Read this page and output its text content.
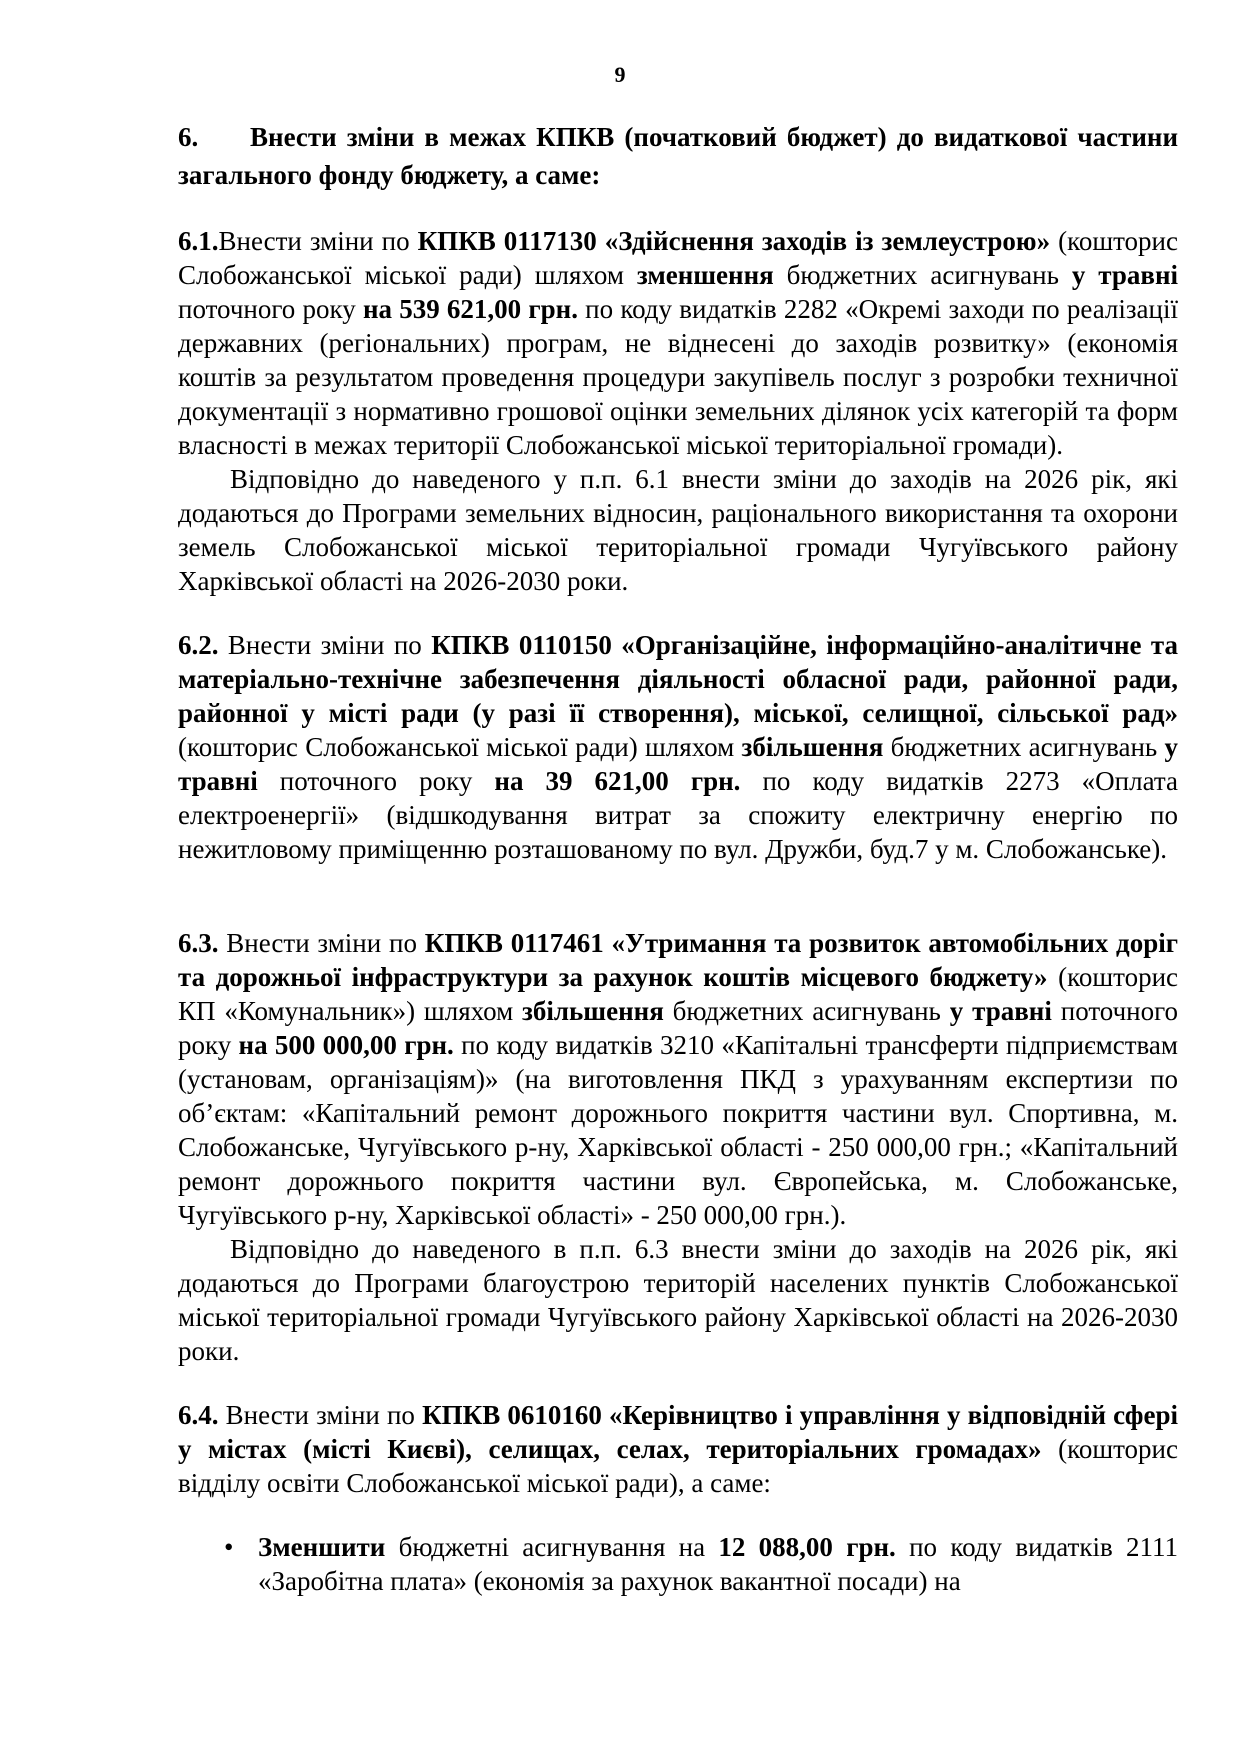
9

6. Внести зміни в межах КПКВ (початковий бюджет) до видаткової частини загального фонду бюджету, а саме:

6.1.Внести зміни по КПКВ 0117130 «Здійснення заходів із землеустрою» (кошторис Слобожанської міської ради) шляхом зменшення бюджетних асигнувань у травні поточного року на 539 621,00 грн. по коду видатків 2282 «Окремі заходи по реалізації державних (регіональних) програм, не віднесені до заходів розвитку» (економія коштів за результатом проведення процедури закупівель послуг з розробки техничної документації з нормативно грошової оцінки земельних ділянок усіх категорій та форм власності в межах території Слобожанської міської територіальної громади).

Відповідно до наведеного у п.п. 6.1 внести зміни до заходів на 2026 рік, які додаються до Програми земельних відносин, раціонального використання та охорони земель Слобожанської міської територіальної громади Чугуївського району Харківської області на 2026-2030 роки.

6.2. Внести зміни по КПКВ 0110150 «Організаційне, інформаційно-аналітичне та матеріально-технічне забезпечення діяльності обласної ради, районної ради, районної у місті ради (у разі її створення), міської, селищної, сільської рад» (кошторис Слобожанської міської ради) шляхом збільшення бюджетних асигнувань у травні поточного року на 39 621,00 грн. по коду видатків 2273 «Оплата електроенергії» (відшкодування витрат за спожиту електричну енергію по нежитловому приміщенню розташованому по вул. Дружби, буд.7 у м. Слобожанське).

6.3. Внести зміни по КПКВ 0117461 «Утримання та розвиток автомобільних доріг та дорожньої інфраструктури за рахунок коштів місцевого бюджету» (кошторис КП «Комунальник») шляхом збільшення бюджетних асигнувань у травні поточного року на 500 000,00 грн. по коду видатків 3210 «Капітальні трансферти підприємствам (установам, організаціям)» (на виготовлення ПКД з урахуванням експертизи по об’єктам: «Капітальний ремонт дорожнього покриття частини вул. Спортивна, м. Слобожанське, Чугуївського р-ну, Харківської області - 250 000,00 грн.; «Капітальний ремонт дорожнього покриття частини вул. Європейська, м. Слобожанське, Чугуївського р-ну, Харківської області» - 250 000,00 грн.).

Відповідно до наведеного в п.п. 6.3 внести зміни до заходів на 2026 рік, які додаються до Програми благоустрою територій населених пунктів Слобожанської міської територіальної громади Чугуївського району Харківської області на 2026-2030 роки.

6.4. Внести зміни по КПКВ 0610160 «Керівництво і управління у відповідній сфері у містах (місті Києві), селищах, селах, територіальних громадах» (кошторис відділу освіти Слобожанської міської ради), а саме:

• Зменшити бюджетні асигнування на 12 088,00 грн. по коду видатків 2111 «Заробітна плата» (економія за рахунок вакантної посади) на
